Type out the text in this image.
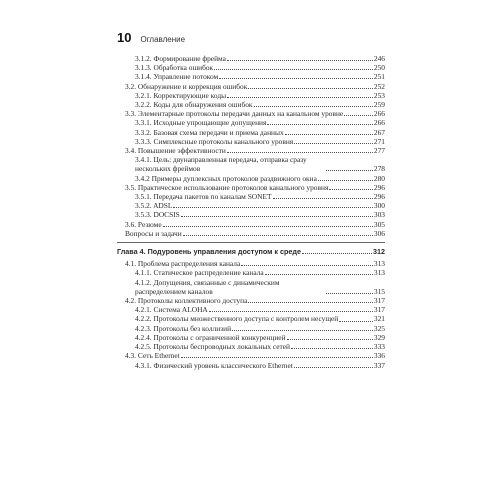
10 Оглавление
3.1.2. Формирование фрейма	246
3.1.3. Обработка ошибок	250
3.1.4. Управление потоком	251
3.2. Обнаружение и коррекция ошибок	252
3.2.1. Корректирующие коды	253
3.2.2. Коды для обнаружения ошибок	259
3.3. Элементарные протоколы передачи данных на канальном уровне	266
3.3.1. Исходные упрощающие допущения	266
3.3.2. Базовая схема передачи и приема данных	267
3.3.3. Симплексные протоколы канального уровня	271
3.4. Повышение эффективности	277
3.4.1. Цель: двунаправленная передача, отправка сразу нескольких фреймов	278
3.4.2 Примеры дуплексных протоколов раздвижного окна	280
3.5. Практическое использование протоколов канального уровня	296
3.5.1. Передача пакетов по каналам SONET	296
3.5.2. ADSL	300
3.5.3. DOCSIS	303
3.6. Резюме	305
Вопросы и задачи	306
Глава 4. Подуровень управления доступом к среде	312
4.1. Проблема распределения канала	313
4.1.1. Статическое распределение канала	313
4.1.2. Допущения, связанные с динамическим распределением каналов	315
4.2. Протоколы коллективного доступа	317
4.2.1. Система ALOHA	317
4.2.2. Протоколы множественного доступа с контролем несущей	321
4.2.3. Протоколы без коллизий	325
4.2.4. Протоколы с ограниченной конкуренцией	329
4.2.5. Протоколы беспроводных локальных сетей	333
4.3. Сеть Ethernet	336
4.3.1. Физический уровень классического Ethernet	337
